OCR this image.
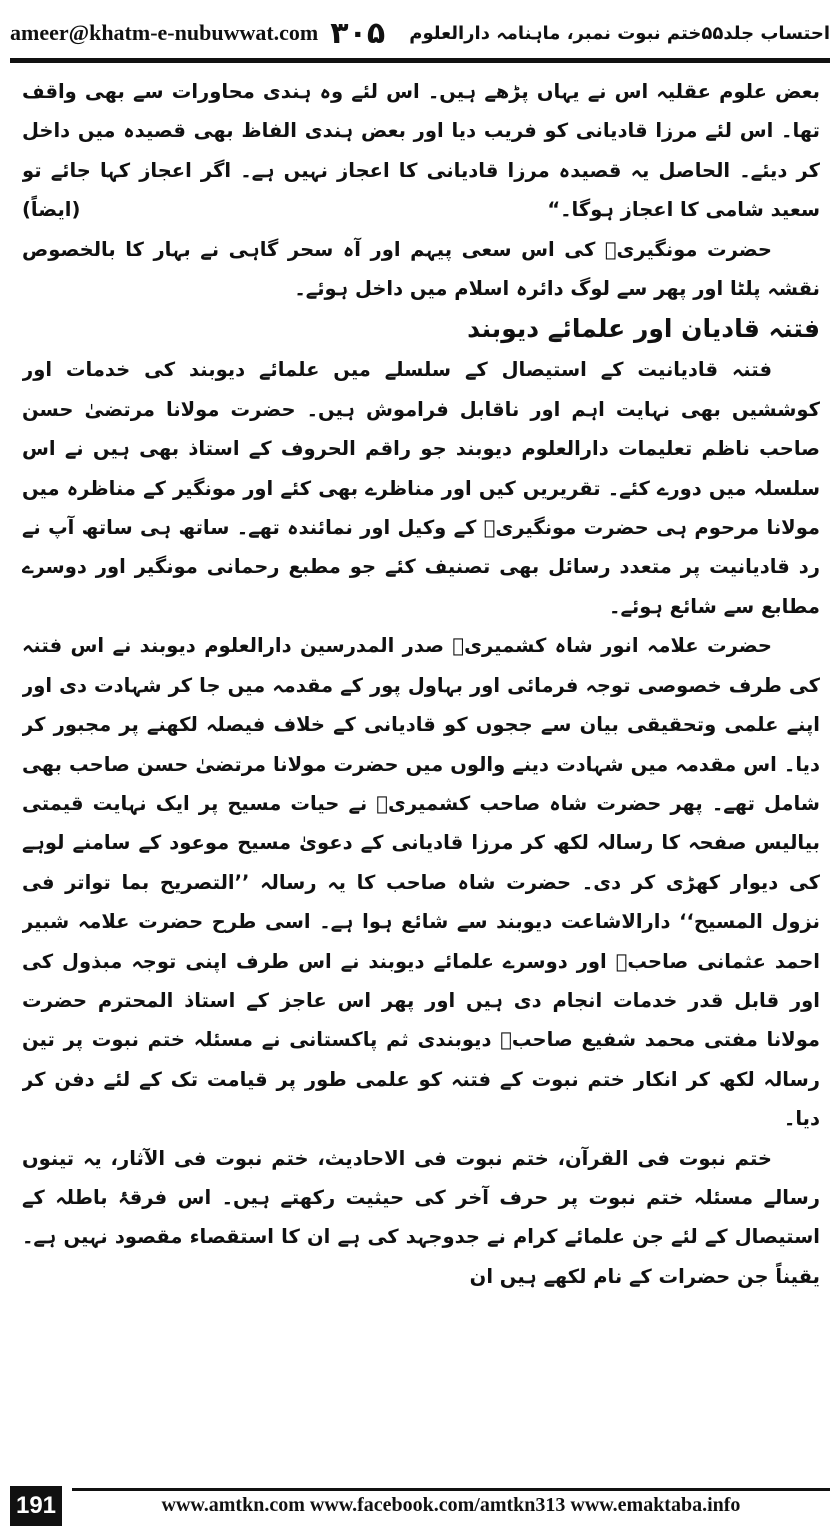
ameer@khatm-e-nubuwwat.com ۳۰۵ احتساب جلد۵۵ختم نبوت نمبر، ماہنامہ دارالعلوم

بعض علوم عقلیہ اس نے یہاں پڑھے ہیں۔ اس لئے وہ ہندی محاورات سے بھی واقف تھا۔ اس لئے مرزا قادیانی کو فریب دیا اور بعض ہندی الفاظ بھی قصیدہ میں داخل کر دیئے۔ الحاصل یہ قصیدہ مرزا قادیانی کا اعجاز نہیں ہے۔ اگر اعجاز کہا جائے تو سعید شامی کا اعجاز ہوگا۔“
(ایضاً)

حضرت مونگیریؒ کی اس سعی پیہم اور آہ سحر گاہی نے بہار کا بالخصوص نقشہ پلٹا اور پھر سے لوگ دائرہ اسلام میں داخل ہوئے۔

فتنہ قادیان اور علمائے دیوبند

فتنہ قادیانیت کے استیصال کے سلسلے میں علمائے دیوبند کی خدمات اور کوششیں بھی نہایت اہم اور ناقابل فراموش ہیں۔ حضرت مولانا مرتضیٰ حسن صاحب ناظم تعلیمات دارالعلوم دیوبند جو راقم الحروف کے استاذ بھی ہیں نے اس سلسلہ میں دورے کئے۔ تقریریں کیں اور مناظرے بھی کئے اور مونگیر کے مناظرہ میں مولانا مرحوم ہی حضرت مونگیریؒ کے وکیل اور نمائندہ تھے۔ ساتھ ہی ساتھ آپ نے رد قادیانیت پر متعدد رسائل بھی تصنیف کئے جو مطبع رحمانی مونگیر اور دوسرے مطابع سے شائع ہوئے۔

حضرت علامہ انور شاہ کشمیریؒ صدر المدرسین دارالعلوم دیوبند نے اس فتنہ کی طرف خصوصی توجہ فرمائی اور بہاول پور کے مقدمہ میں جا کر شہادت دی اور اپنے علمی وتحقیقی بیان سے ججوں کو قادیانی کے خلاف فیصلہ لکھنے پر مجبور کر دیا۔ اس مقدمہ میں شہادت دینے والوں میں حضرت مولانا مرتضیٰ حسن صاحب بھی شامل تھے۔ پھر حضرت شاہ صاحب کشمیریؒ نے حیات مسیح پر ایک نہایت قیمتی بیالیس صفحہ کا رسالہ لکھ کر مرزا قادیانی کے دعویٰ مسیح موعود کے سامنے لوہے کی دیوار کھڑی کر دی۔ حضرت شاہ صاحب کا یہ رسالہ ’’التصریح بما تواتر فی نزول المسیح‘‘ دارالاشاعت دیوبند سے شائع ہوا ہے۔ اسی طرح حضرت علامہ شبیر احمد عثمانی صاحبؒ اور دوسرے علمائے دیوبند نے اس طرف اپنی توجہ مبذول کی اور قابل قدر خدمات انجام دی ہیں اور پھر اس عاجز کے استاذ المحترم حضرت مولانا مفتی محمد شفیع صاحبؒ دیوبندی ثم پاکستانی نے مسئلہ ختم نبوت پر تین رسالہ لکھ کر انکار ختم نبوت کے فتنہ کو علمی طور پر قیامت تک کے لئے دفن کر دیا۔

ختم نبوت فی القرآن، ختم نبوت فی الاحادیث، ختم نبوت فی الآثار، یہ تینوں رسالے مسئلہ ختم نبوت پر حرف آخر کی حیثیت رکھتے ہیں۔ اس فرقۂ باطلہ کے استیصال کے لئے جن علمائے کرام نے جدوجہد کی ہے ان کا استقصاء مقصود نہیں ہے۔ یقیناً جن حضرات کے نام لکھے ہیں ان

191	www.amtkn.com www.facebook.com/amtkn313 www.emaktaba.info
